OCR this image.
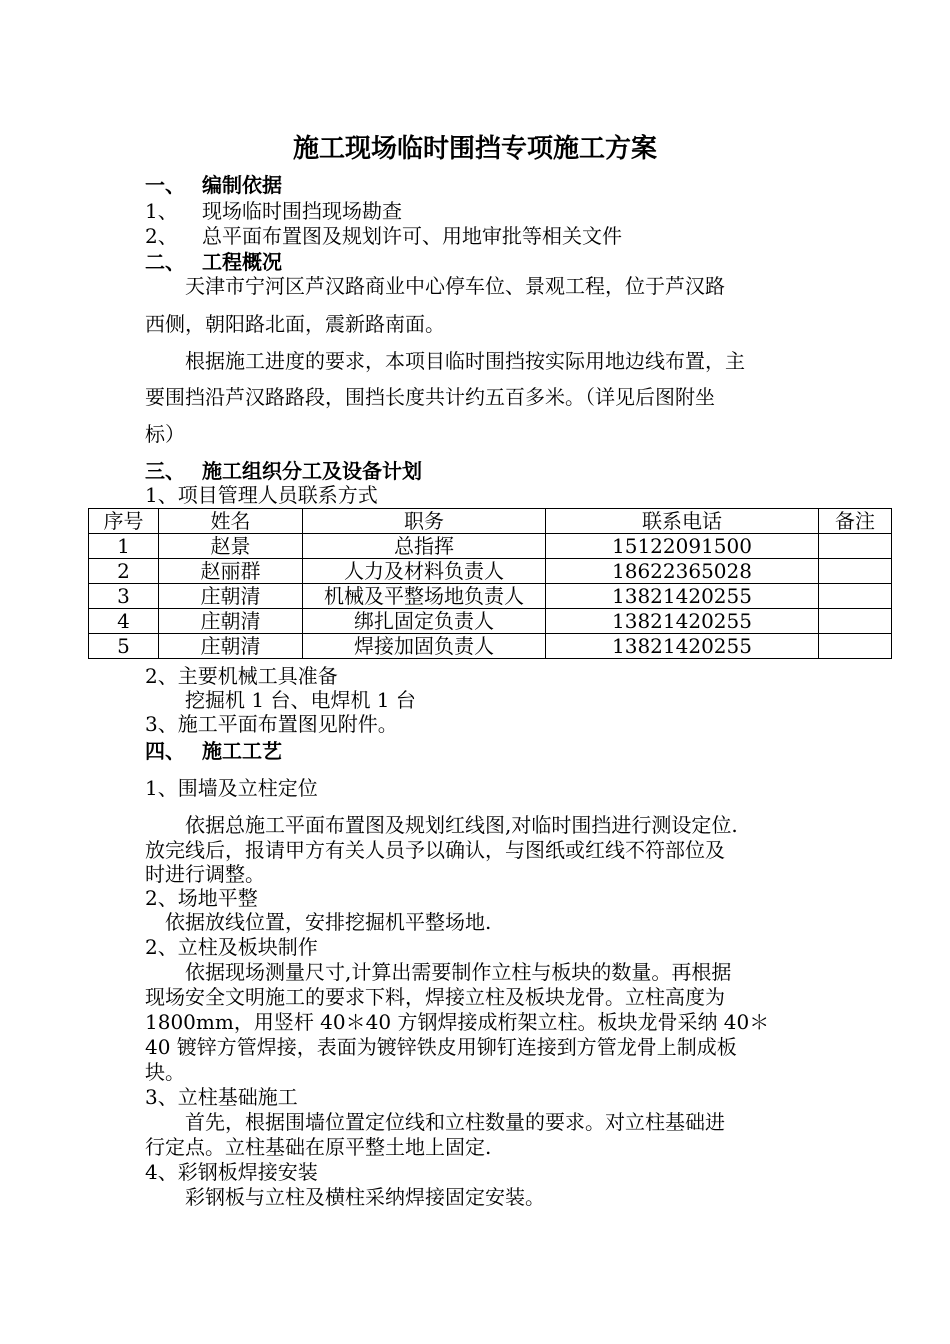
施工现场临时围挡专项施工方案
一、 编制依据
1、 现场临时围挡现场勘查
2、 总平面布置图及规划许可、用地审批等相关文件
二、 工程概况
　　天津市宁河区芦汉路商业中心停车位、景观工程，位于芦汉路
西侧，朝阳路北面，震新路南面。
　　根据施工进度的要求，本项目临时围挡按实际用地边线布置，主
要围挡沿芦汉路路段，围挡长度共计约五百多米。（详见后图附坐
标）
三、 施工组织分工及设备计划
1、项目管理人员联系方式
序号	姓名	职务	联系电话	备注
1	赵景	总指挥	15122091500	
2	赵丽群	人力及材料负责人	18622365028	
3	庄朝清	机械及平整场地负责人	13821420255	
4	庄朝清	绑扎固定负责人	13821420255	
5	庄朝清	焊接加固负责人	13821420255	
2、主要机械工具准备
　　挖掘机 1 台、电焊机 1 台
3、施工平面布置图见附件。
四、 施工工艺
1、围墙及立柱定位
　　依据总施工平面布置图及规划红线图,对临时围挡进行测设定位.
放完线后，报请甲方有关人员予以确认，与图纸或红线不符部位及
时进行调整。
2、场地平整
　依据放线位置，安排挖掘机平整场地.
2、立柱及板块制作
　　依据现场测量尺寸,计算出需要制作立柱与板块的数量。再根据
现场安全文明施工的要求下料，焊接立柱及板块龙骨。立柱高度为
1800mm，用竖杆 40＊40 方钢焊接成桁架立柱。板块龙骨采纳 40＊
40 镀锌方管焊接，表面为镀锌铁皮用铆钉连接到方管龙骨上制成板
块。
3、立柱基础施工
　　首先，根据围墙位置定位线和立柱数量的要求。对立柱基础进
行定点。立柱基础在原平整土地上固定.
4、彩钢板焊接安装
　　彩钢板与立柱及横柱采纳焊接固定安装。
